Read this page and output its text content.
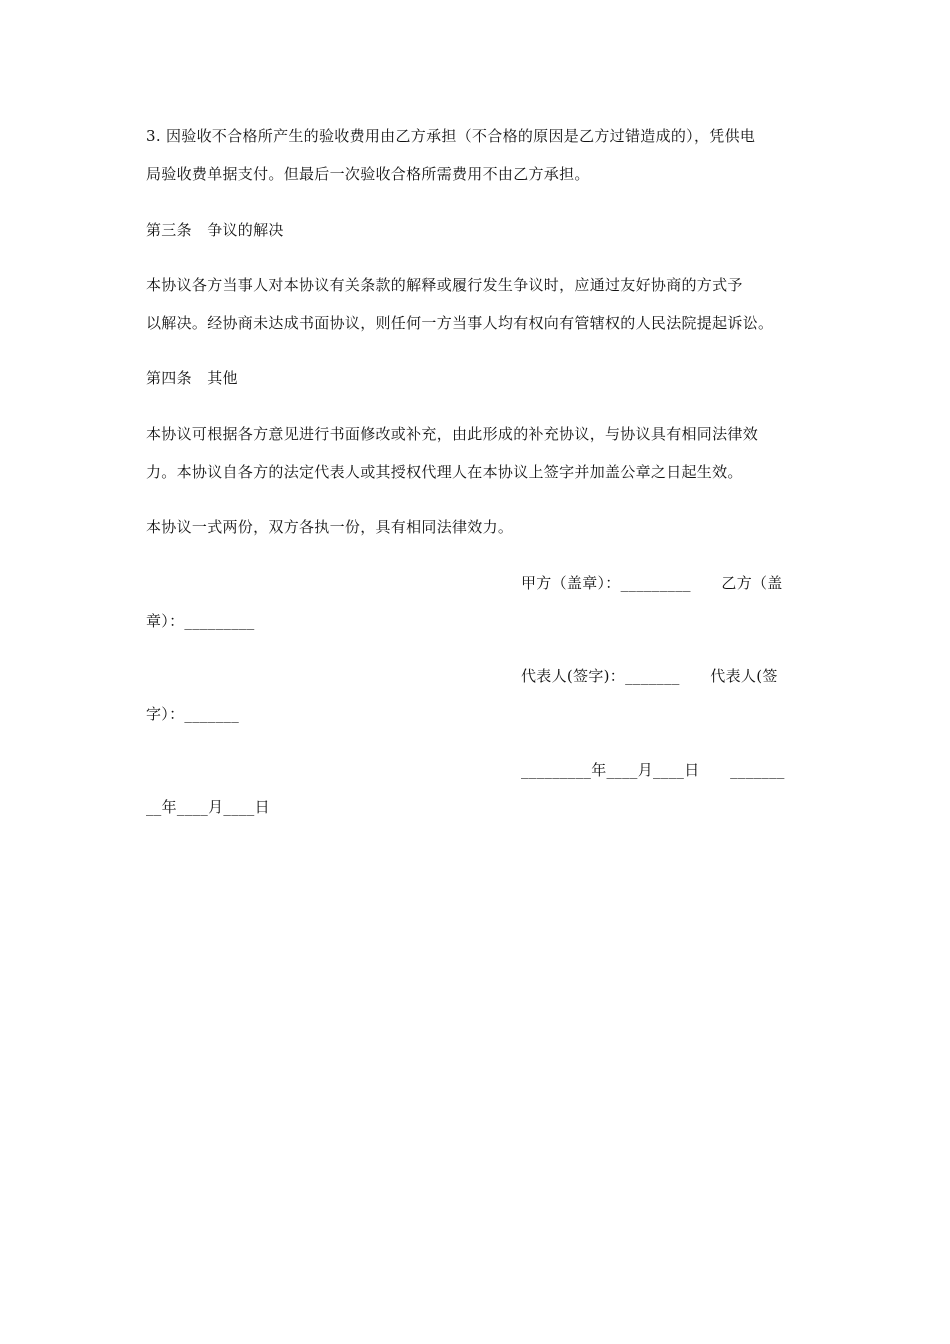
3. 因验收不合格所产生的验收费用由乙方承担（不合格的原因是乙方过错造成的），凭供电
局验收费单据支付。但最后一次验收合格所需费用不由乙方承担。
第三条　争议的解决
本协议各方当事人对本协议有关条款的解释或履行发生争议时，应通过友好协商的方式予
以解决。经协商未达成书面协议，则任何一方当事人均有权向有管辖权的人民法院提起诉讼。
第四条　其他
本协议可根据各方意见进行书面修改或补充，由此形成的补充协议，与协议具有相同法律效
力。本协议自各方的法定代表人或其授权代理人在本协议上签字并加盖公章之日起生效。
本协议一式两份，双方各执一份，具有相同法律效力。
甲方（盖章）：_________　　乙方（盖
章）：_________
代表人(签字)：_______　　代表人(签
字）：_______
_________年____月____日　　_______
__年____月____日
